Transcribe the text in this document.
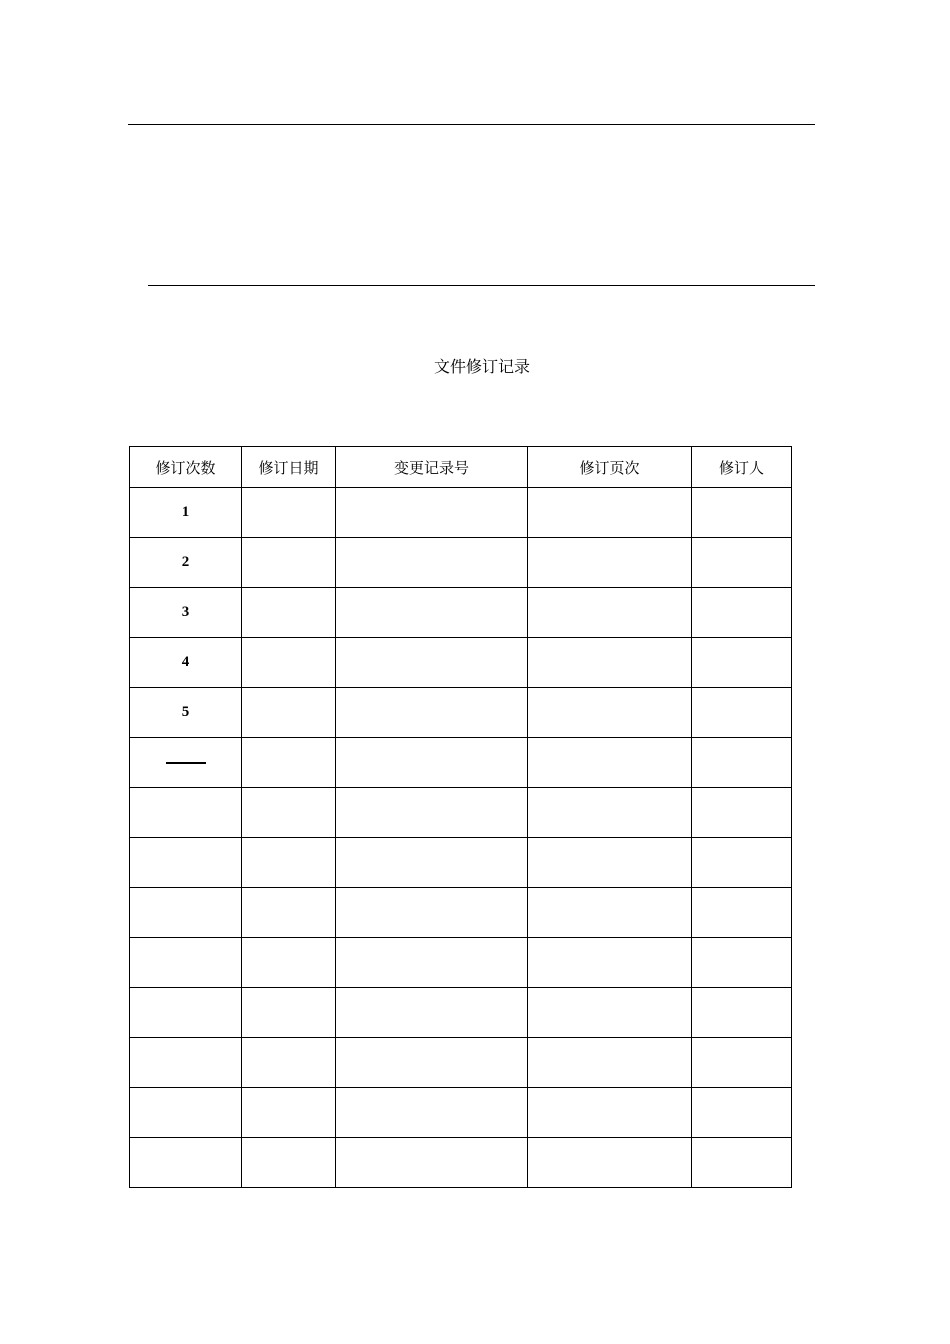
文件修订记录
修订次数	修订日期	变更记录号	修订页次	修订人
1				
2				
3				
4				
5				
